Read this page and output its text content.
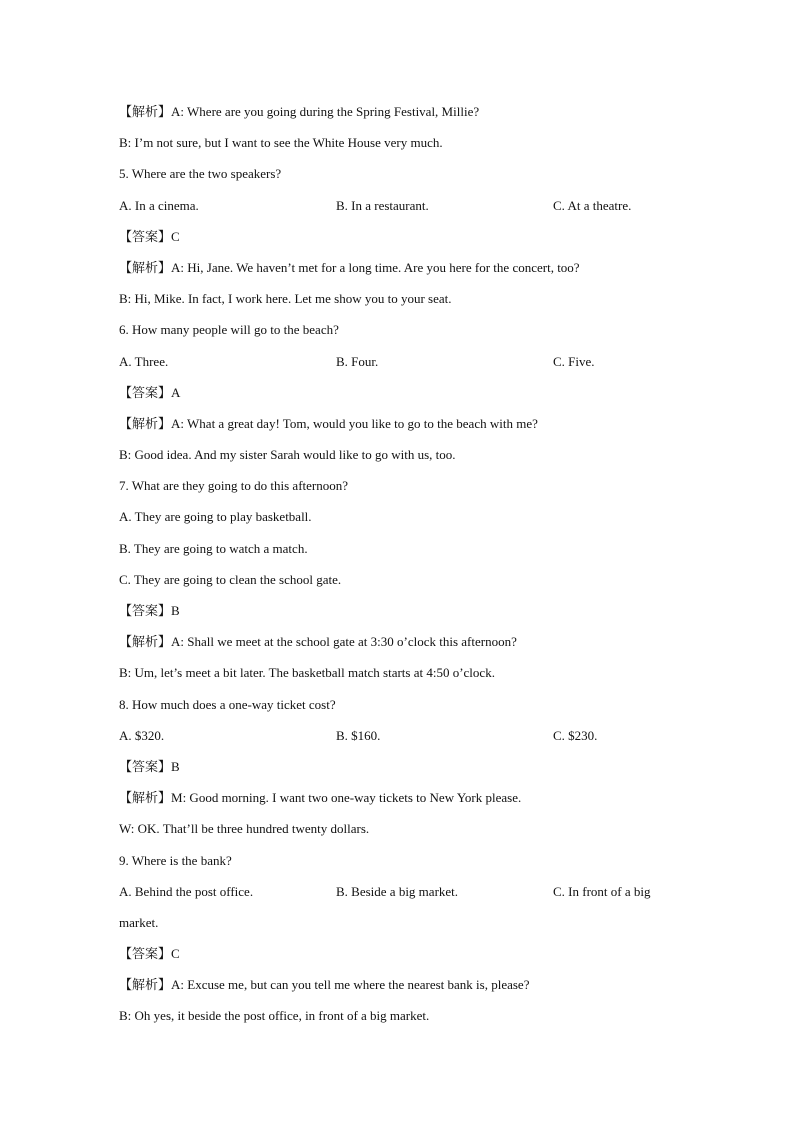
【解析】A: Where are you going during the Spring Festival, Millie?
B: I’m not sure, but I want to see the White House very much.
5. Where are the two speakers?
A. In a cinema.	B. In a restaurant.	C. At a theatre.
【答案】C
【解析】A: Hi, Jane. We haven’t met for a long time. Are you here for the concert, too?
B: Hi, Mike. In fact, I work here. Let me show you to your seat.
6. How many people will go to the beach?
A. Three.	B. Four.	C. Five.
【答案】A
【解析】A: What a great day! Tom, would you like to go to the beach with me?
B: Good idea. And my sister Sarah would like to go with us, too.
7. What are they going to do this afternoon?
A. They are going to play basketball.
B. They are going to watch a match.
C. They are going to clean the school gate.
【答案】B
【解析】A: Shall we meet at the school gate at 3:30 o’clock this afternoon?
B: Um, let’s meet a bit later. The basketball match starts at 4:50 o’clock.
8. How much does a one-way ticket cost?
A. $320.	B. $160.	C. $230.
【答案】B
【解析】M: Good morning. I want two one-way tickets to New York please.
W: OK. That’ll be three hundred twenty dollars.
9. Where is the bank?
A. Behind the post office.	B. Beside a big market.	C. In front of a big
market.
【答案】C
【解析】A: Excuse me, but can you tell me where the nearest bank is, please?
B: Oh yes, it beside the post office, in front of a big market.
